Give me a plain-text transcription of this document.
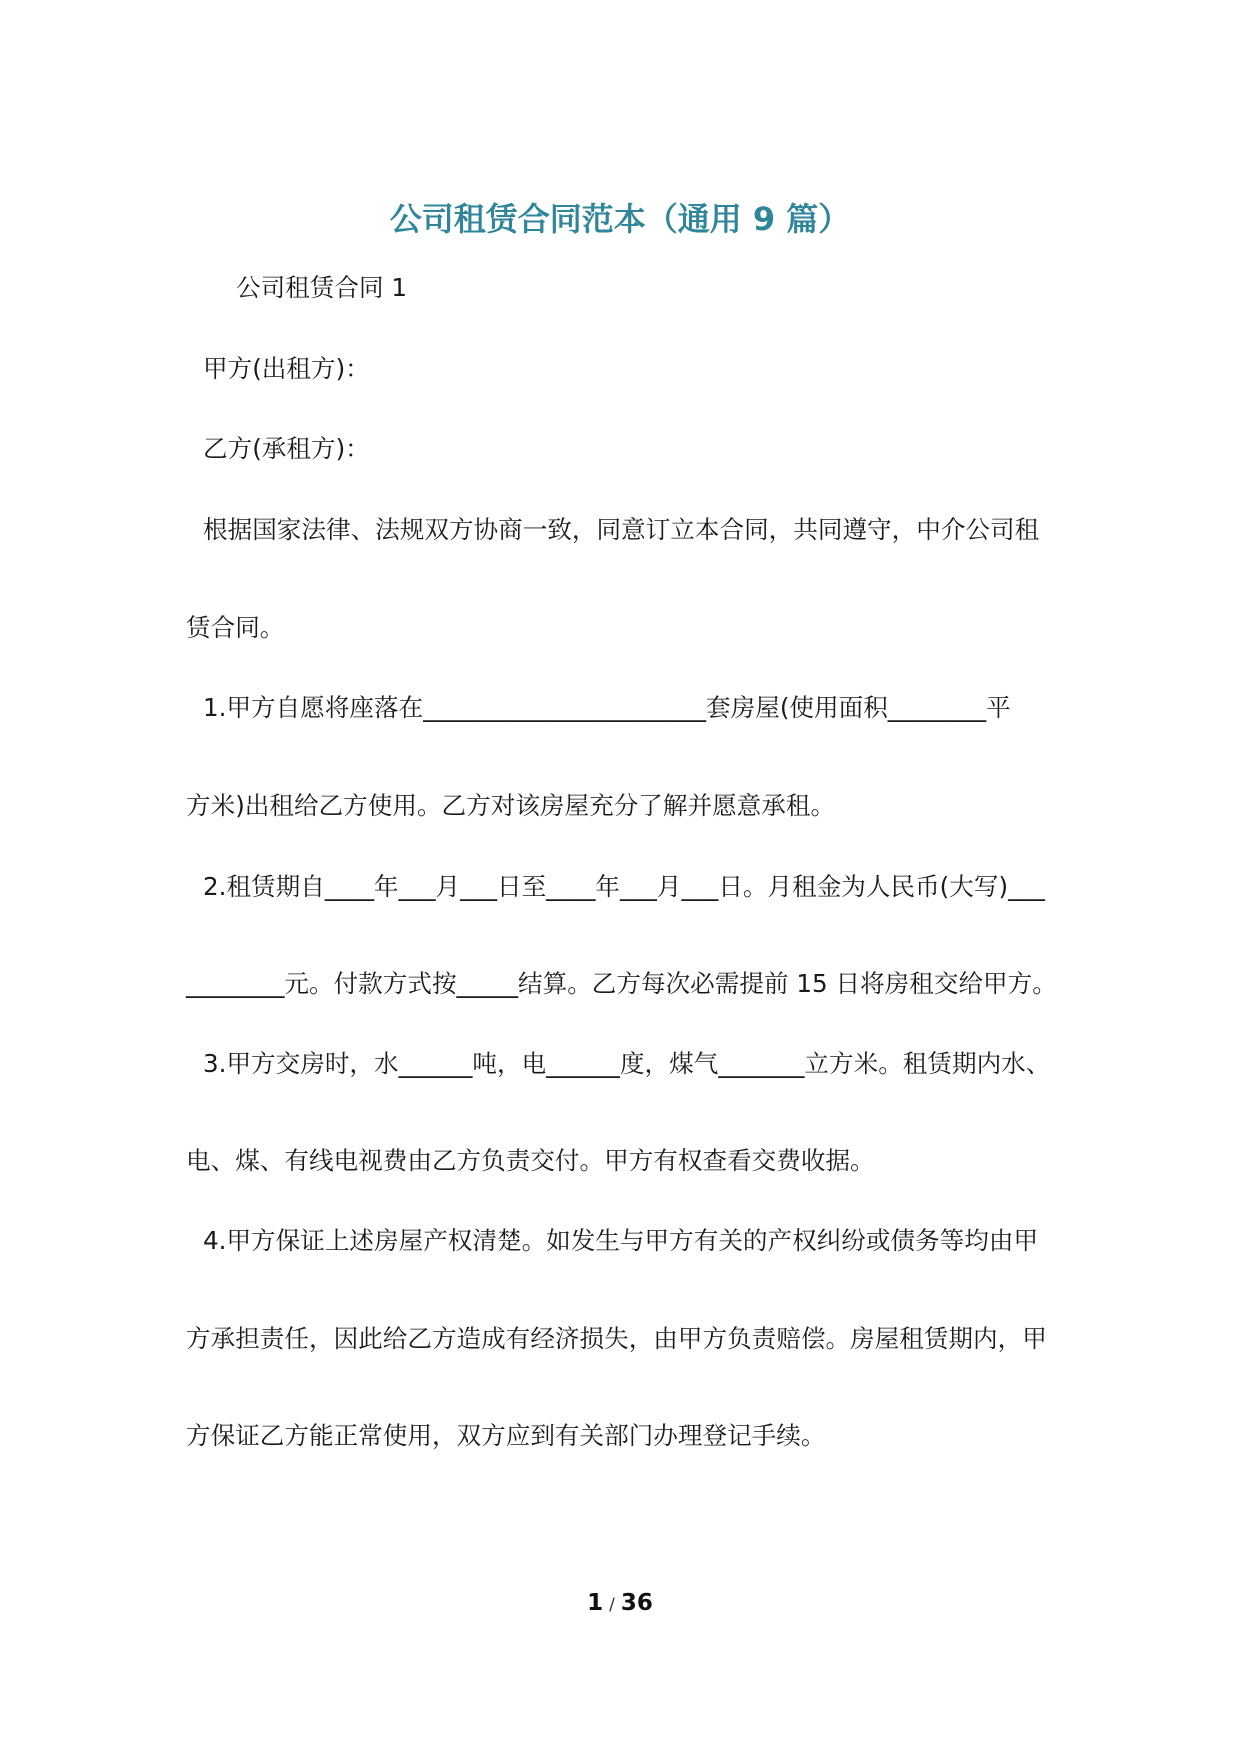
公司租赁合同范本（通用 9 篇）
公司租赁合同 1
甲方(出租方)：
乙方(承租方)：
根据国家法律、法规双方协商一致，同意订立本合同，共同遵守，中介公司租
赁合同。
1.甲方自愿将座落在_______________________套房屋(使用面积________平
方米)出租给乙方使用。乙方对该房屋充分了解并愿意承租。
2.租赁期自____年___月___日至____年___月___日。月租金为人民币(大写)___
________元。付款方式按_____结算。乙方每次必需提前 15 日将房租交给甲方。
3.甲方交房时，水______吨，电______度，煤气_______立方米。租赁期内水、
电、煤、有线电视费由乙方负责交付。甲方有权查看交费收据。
4.甲方保证上述房屋产权清楚。如发生与甲方有关的产权纠纷或债务等均由甲
方承担责任，因此给乙方造成有经济损失，由甲方负责赔偿。房屋租赁期内，甲
方保证乙方能正常使用，双方应到有关部门办理登记手续。
1 / 36
